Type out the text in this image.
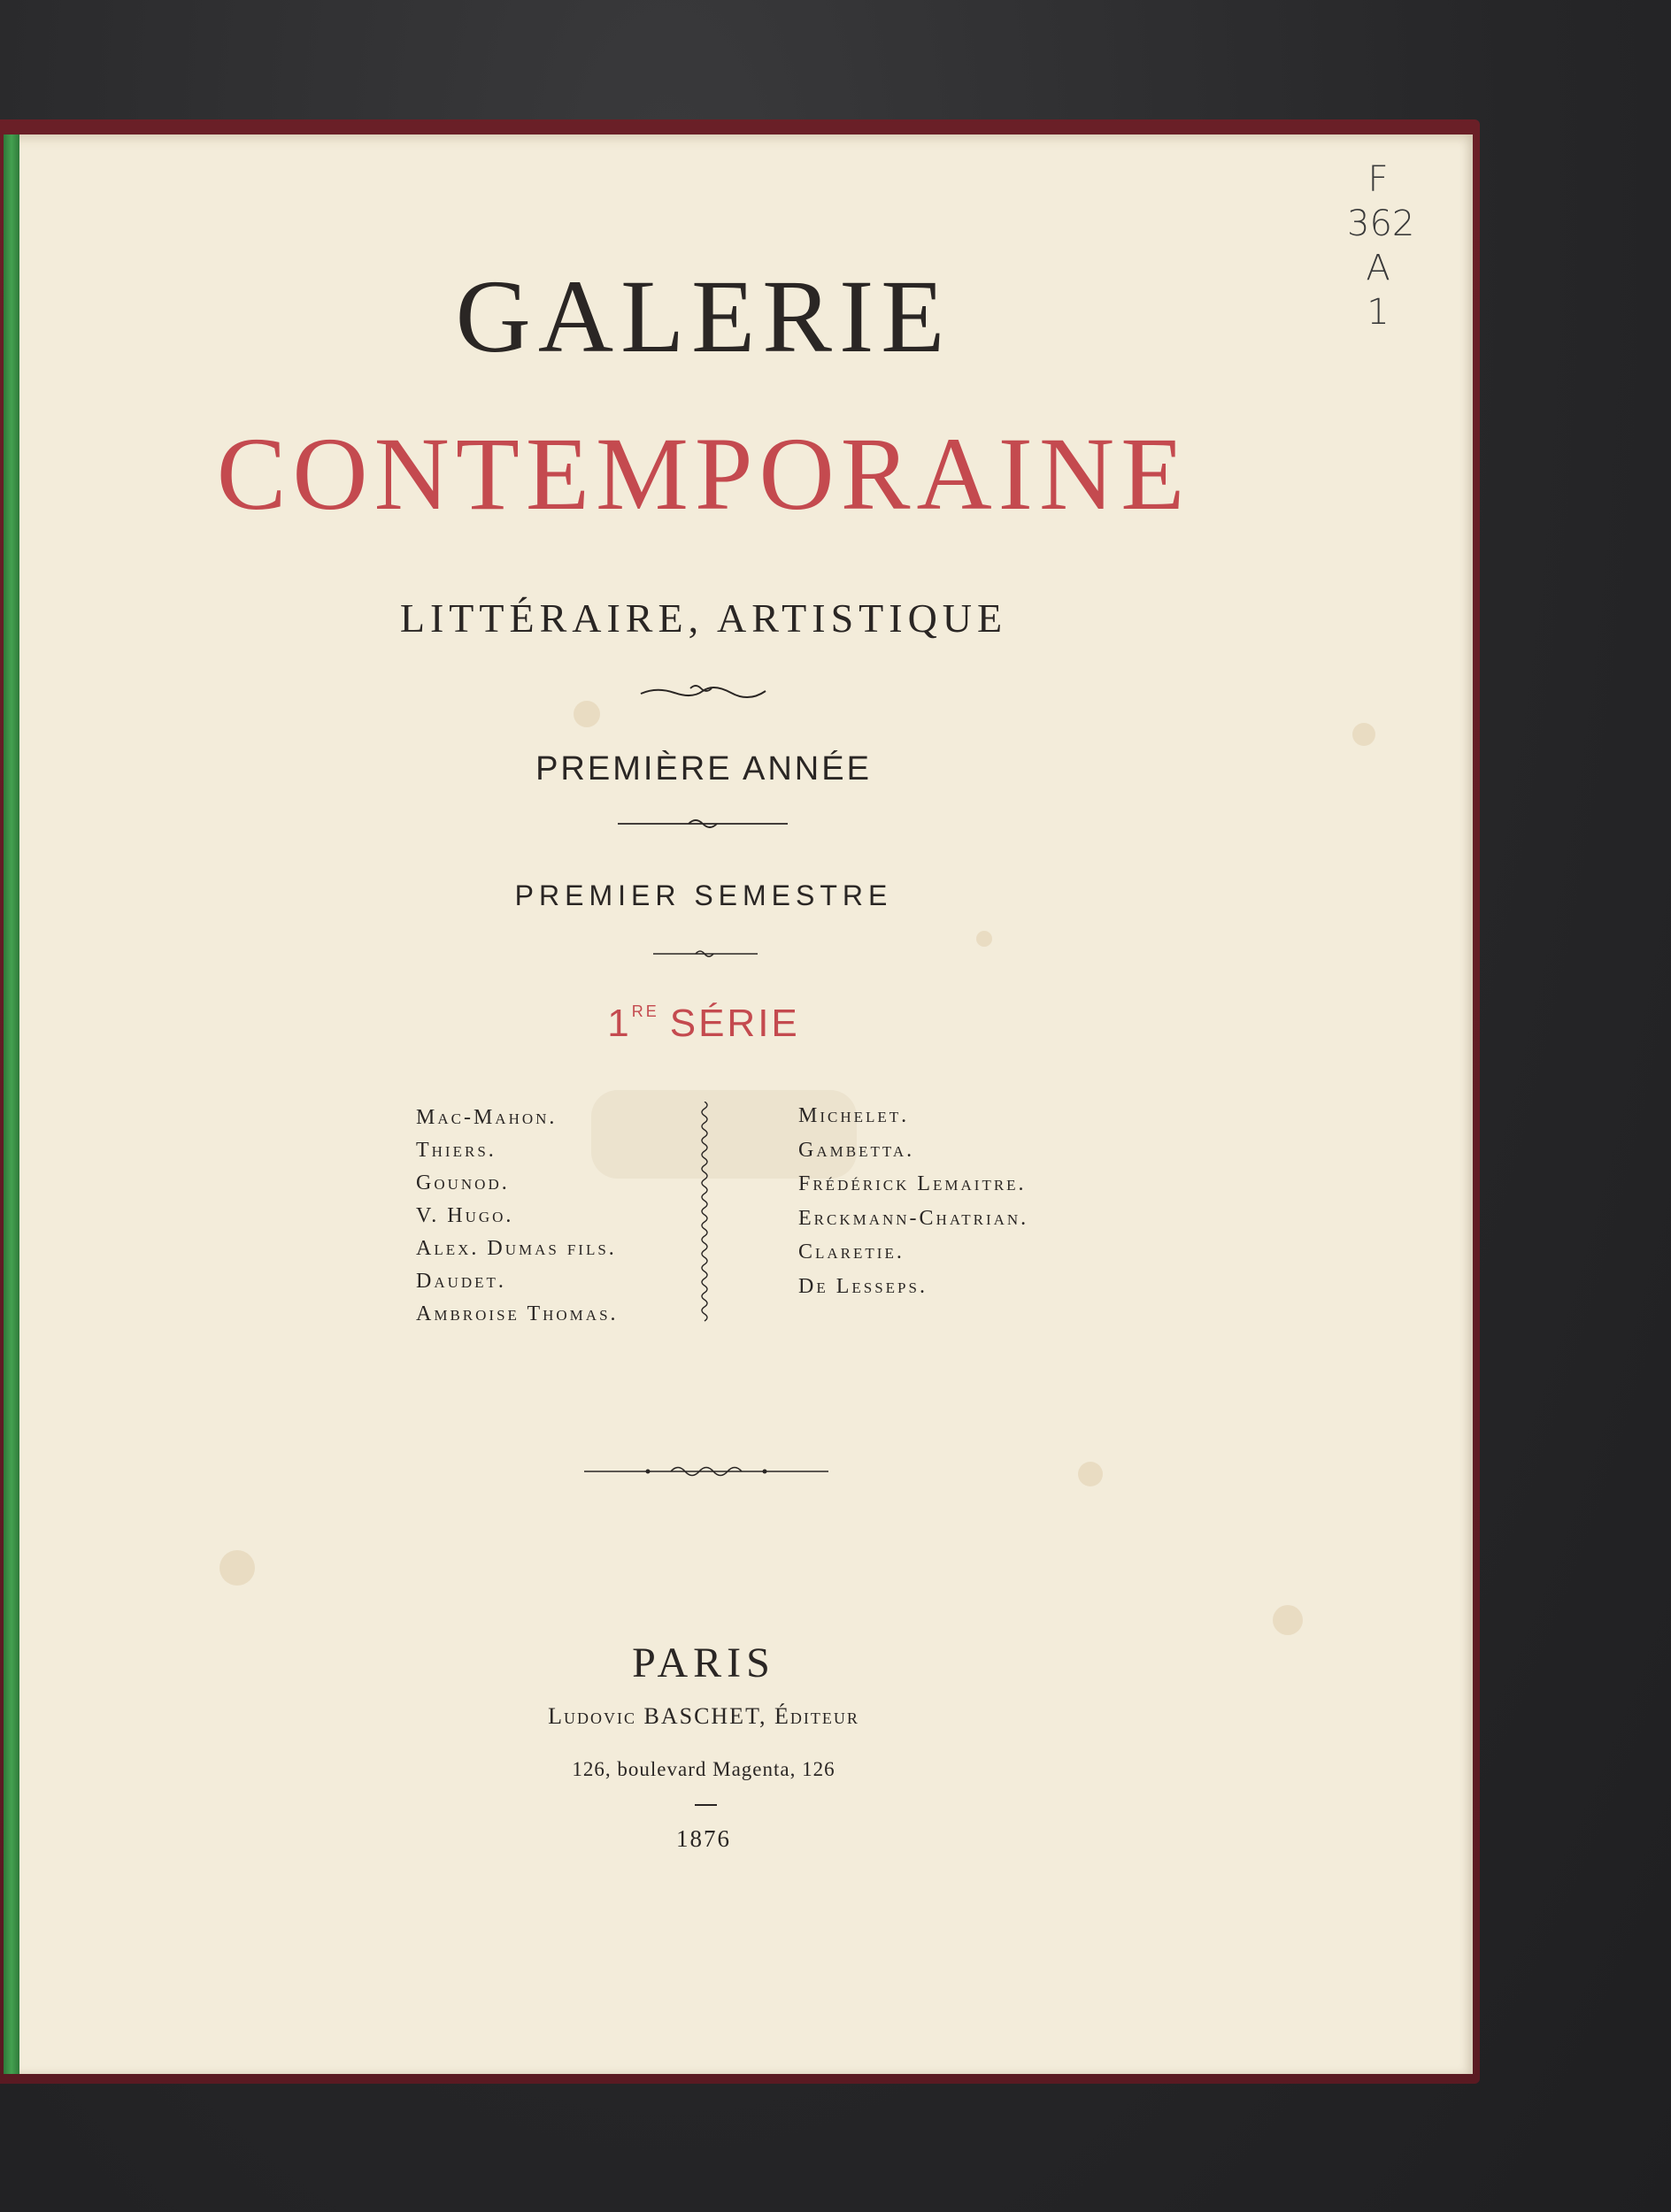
GALERIE
CONTEMPORAINE
LITTÉRAIRE, ARTISTIQUE
PREMIÈRE ANNÉE
PREMIER SEMESTRE
1RE SÉRIE
Mac-Mahon.
Thiers.
Gounod.
V. Hugo.
Alex. Dumas fils.
Daudet.
Ambroise Thomas.
Michelet.
Gambetta.
Frédérick Lemaitre.
Erckmann-Chatrian.
Claretie.
De Lesseps.
PARIS
Ludovic BASCHET, Éditeur
126, boulevard Magenta, 126
1876
F
362
A
1
